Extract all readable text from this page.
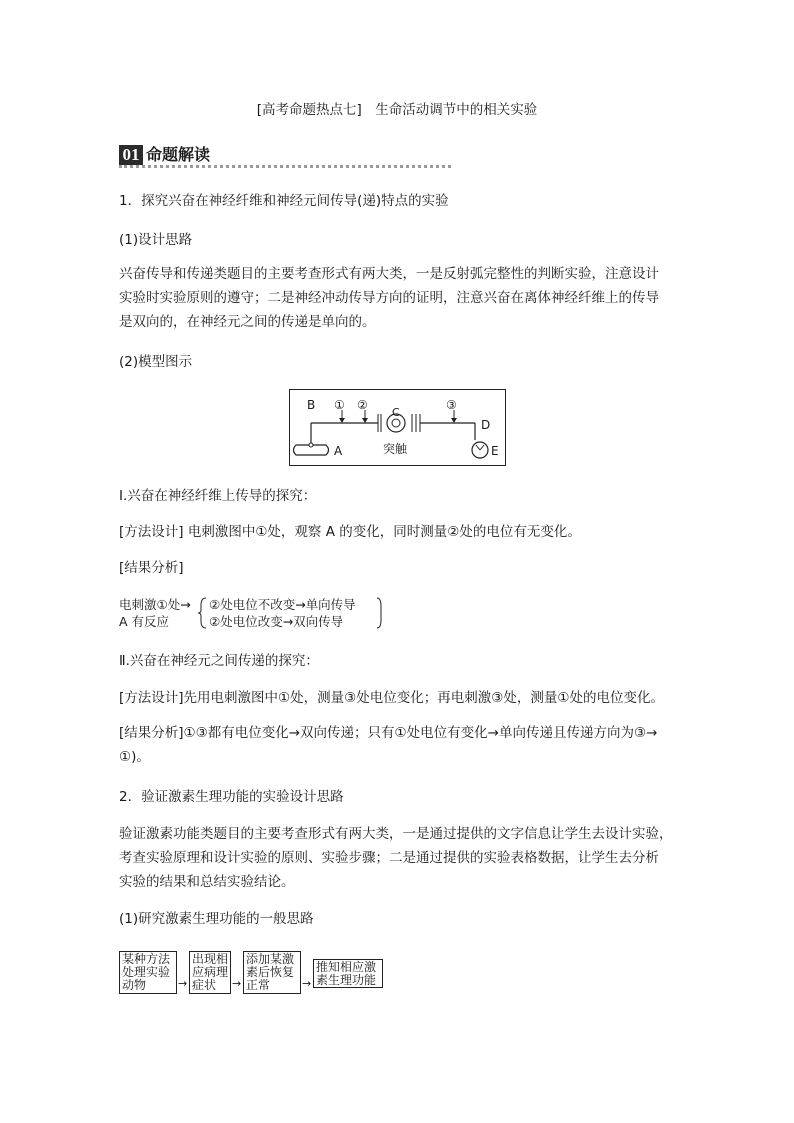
[高考命题热点七]　生命活动调节中的相关实验
01 命题解读
1．探究兴奋在神经纤维和神经元间传导(递)特点的实验
(1)设计思路
兴奋传导和传递类题目的主要考查形式有两大类，一是反射弧完整性的判断实验，注意设计
实验时实验原则的遵守；二是神经冲动传导方向的证明，注意兴奋在离体神经纤维上的传导
是双向的，在神经元之间的传递是单向的。
(2)模型图示
B ① ②
C
③
D
E
A	突触
Ⅰ.兴奋在神经纤维上传导的探究：
[方法设计] 电刺激图中①处，观察 A 的变化，同时测量②处的电位有无变化。
[结果分析]
电刺激①处→
A 有反应
②处电位不改变→单向传导
②处电位改变→双向传导
Ⅱ.兴奋在神经元之间传递的探究：
[方法设计]先用电刺激图中①处，测量③处电位变化；再电刺激③处，测量①处的电位变化。
[结果分析]①③都有电位变化→双向传递；只有①处电位有变化→单向传递且传递方向为③→
①)。
2．验证激素生理功能的实验设计思路
验证激素功能类题目的主要考查形式有两大类，一是通过提供的文字信息让学生去设计实验，
考查实验原理和设计实验的原则、实验步骤；二是通过提供的实验表格数据，让学生去分析
实验的结果和总结实验结论。
(1)研究激素生理功能的一般思路
某种方法处理实验动物	→
出现相应病理症状	→
添加某激素后恢复正常	→
推知相应激素生理功能
